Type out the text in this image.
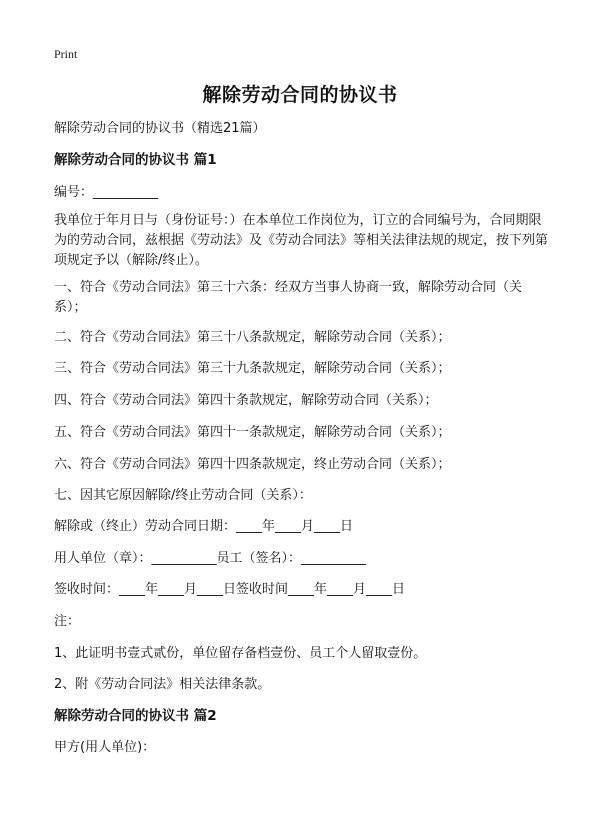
Print
解除劳动合同的协议书
解除劳动合同的协议书（精选21篇）
解除劳动合同的协议书 篇1
编号：__________
我单位于年月日与（身份证号：）在本单位工作岗位为，订立的合同编号为，合同期限为的劳动合同，兹根据《劳动法》及《劳动合同法》等相关法律法规的规定，按下列第项规定予以（解除/终止）。
一、符合《劳动合同法》第三十六条：经双方当事人协商一致，解除劳动合同（关系）；
二、符合《劳动合同法》第三十八条款规定，解除劳动合同（关系）；
三、符合《劳动合同法》第三十九条款规定，解除劳动合同（关系）；
四、符合《劳动合同法》第四十条款规定，解除劳动合同（关系）；
五、符合《劳动合同法》第四十一条款规定，解除劳动合同（关系）；
六、符合《劳动合同法》第四十四条款规定，终止劳动合同（关系）；
七、因其它原因解除/终止劳动合同（关系）：
解除或（终止）劳动合同日期：____年____月____日
用人单位（章）：__________员工（签名）：__________
签收时间：____年____月____日签收时间____年____月____日
注：
1、此证明书壹式贰份，单位留存备档壹份、员工个人留取壹份。
2、附《劳动合同法》相关法律条款。
解除劳动合同的协议书 篇2
甲方(用人单位)：
